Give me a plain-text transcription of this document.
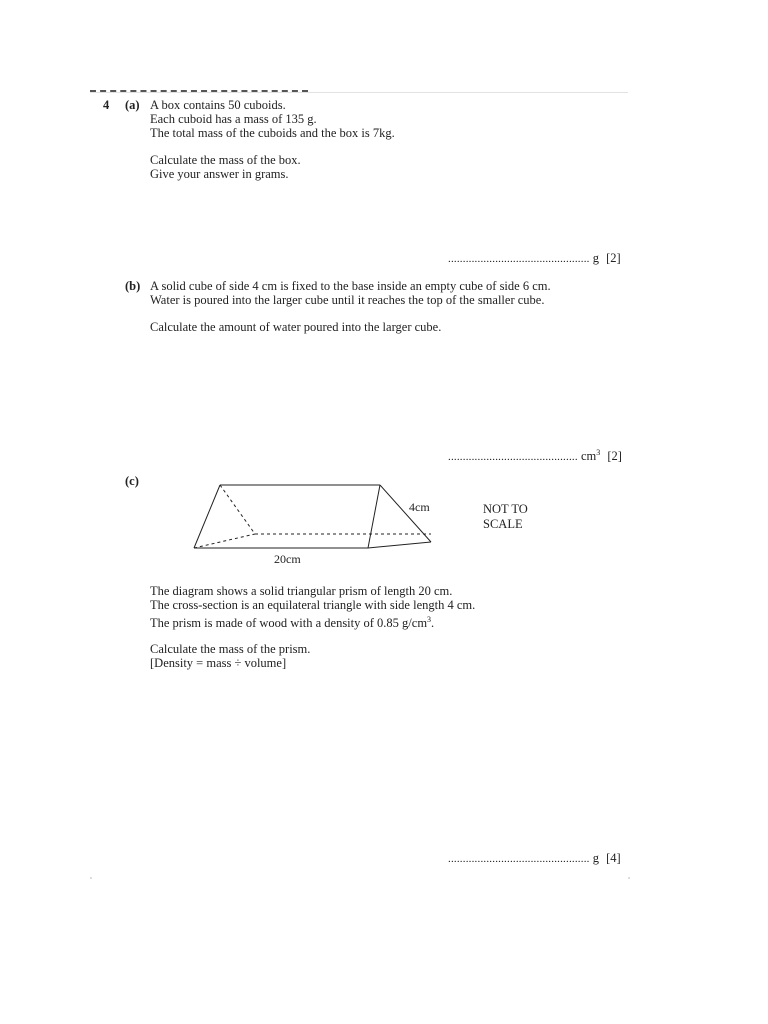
4 (a) A box contains 50 cuboids.
Each cuboid has a mass of 135 g.
The total mass of the cuboids and the box is 7kg.
Calculate the mass of the box.
Give your answer in grams.
................................................ g [2]
(b) A solid cube of side 4 cm is fixed to the base inside an empty cube of side 6 cm.
Water is poured into the larger cube until it reaches the top of the smaller cube.
Calculate the amount of water poured into the larger cube.
............................................ $cm^3$ [2]
(c)
4cm
20cm
NOT TO
SCALE
The diagram shows a solid triangular prism of length 20 cm.
The cross-section is an equilateral triangle with side length 4 cm.
The prism is made of wood with a density of 0.85 $g/cm^3$.
Calculate the mass of the prism.
[Density = mass ÷ volume]
................................................ g [4]
